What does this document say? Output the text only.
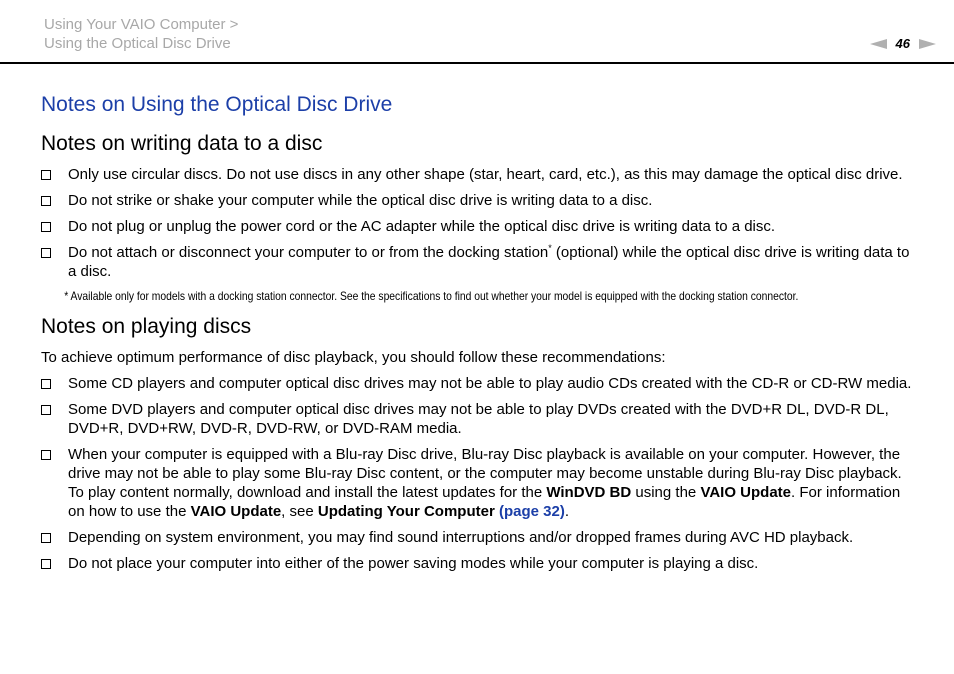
Using Your VAIO Computer >
Using the Optical Disc Drive	46
Notes on Using the Optical Disc Drive
Notes on writing data to a disc
Only use circular discs. Do not use discs in any other shape (star, heart, card, etc.), as this may damage the optical disc drive.
Do not strike or shake your computer while the optical disc drive is writing data to a disc.
Do not plug or unplug the power cord or the AC adapter while the optical disc drive is writing data to a disc.
Do not attach or disconnect your computer to or from the docking station* (optional) while the optical disc drive is writing data to a disc.
* Available only for models with a docking station connector. See the specifications to find out whether your model is equipped with the docking station connector.
Notes on playing discs
To achieve optimum performance of disc playback, you should follow these recommendations:
Some CD players and computer optical disc drives may not be able to play audio CDs created with the CD-R or CD-RW media.
Some DVD players and computer optical disc drives may not be able to play DVDs created with the DVD+R DL, DVD-R DL, DVD+R, DVD+RW, DVD-R, DVD-RW, or DVD-RAM media.
When your computer is equipped with a Blu-ray Disc drive, Blu-ray Disc playback is available on your computer. However, the drive may not be able to play some Blu-ray Disc content, or the computer may become unstable during Blu-ray Disc playback. To play content normally, download and install the latest updates for the WinDVD BD using the VAIO Update. For information on how to use the VAIO Update, see Updating Your Computer (page 32).
Depending on system environment, you may find sound interruptions and/or dropped frames during AVC HD playback.
Do not place your computer into either of the power saving modes while your computer is playing a disc.
